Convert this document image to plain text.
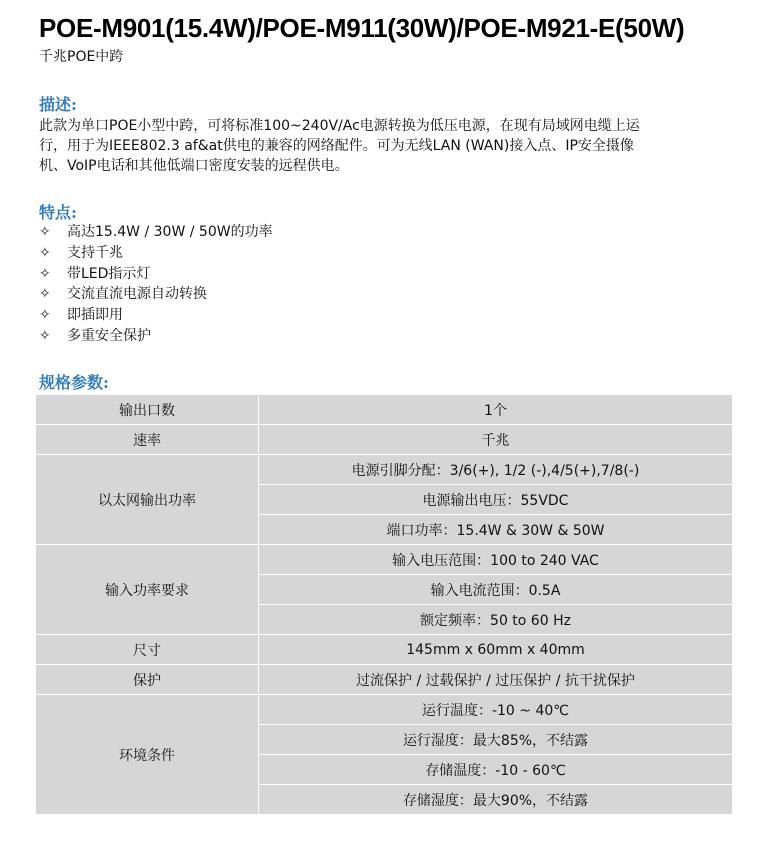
POE-M901(15.4W)/POE-M911(30W)/POE-M921-E(50W)
千兆POE中跨
描述:
此款为单口POE小型中跨，可将标准100~240V/Ac电源转换为低压电源，在现有局域网电缆上运
行，用于为IEEE802.3 af&at供电的兼容的网络配件。可为无线LAN (WAN)接入点、IP安全摄像
机、VoIP电话和其他低端口密度安装的远程供电。
特点:
✧	高达15.4W / 30W / 50W的功率
✧	支持千兆
✧	带LED指示灯
✧	交流直流电源自动转换
✧	即插即用
✧	多重安全保护
规格参数:
输出口数	1个
速率	千兆
以太网输出功率	电源引脚分配：3/6(+), 1/2 (-),4/5(+),7/8(-)
	电源输出电压：55VDC
	端口功率：15.4W & 30W & 50W
输入功率要求	输入电压范围：100 to 240 VAC
	输入电流范围：0.5A
	额定频率：50 to 60 Hz
尺寸	145mm x 60mm x 40mm
保护	过流保护 / 过载保护 / 过压保护 / 抗干扰保护
环境条件	运行温度：-10 ~ 40℃
	运行湿度：最大85%，不结露
	存储温度：-10 - 60℃
	存储湿度：最大90%，不结露
